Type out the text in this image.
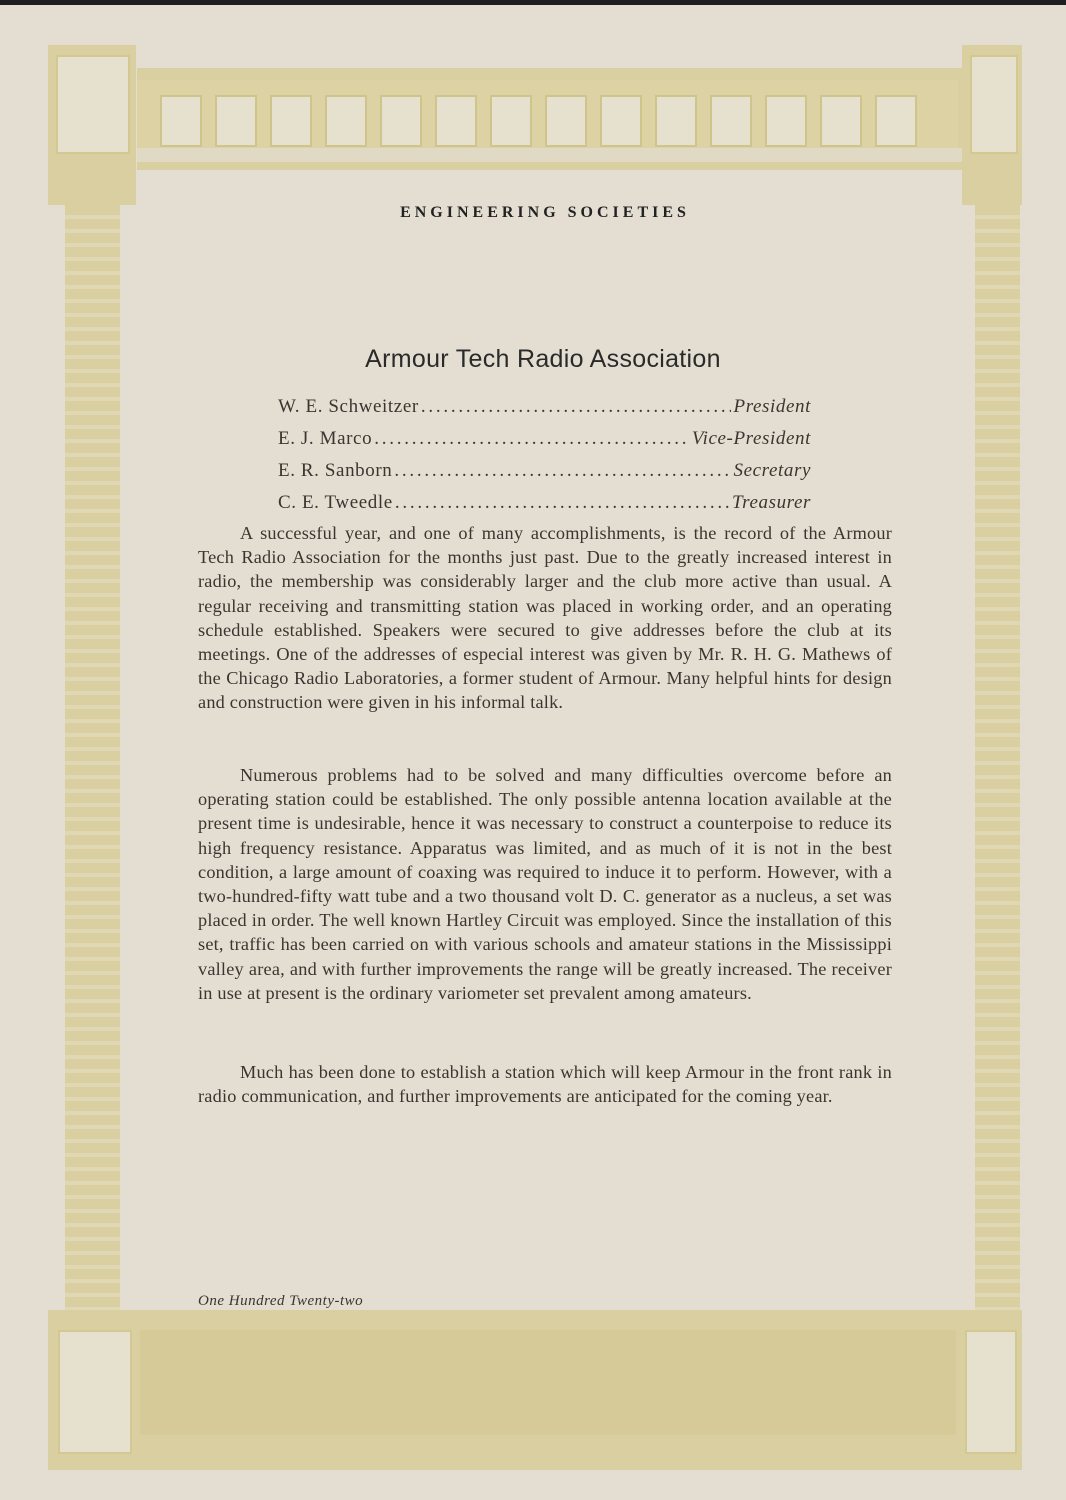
ENGINEERING SOCIETIES
Armour Tech Radio Association
W. E. Schweitzer . . .	President
E. J. Marco . . .	Vice-President
E. R. Sanborn . . .	Secretary
C. E. Tweedle . . .	Treasurer

A successful year, and one of many accomplishments, is the record of the Armour Tech Radio Association for the months just past. Due to the greatly increased interest in radio, the membership was considerably larger and the club more active than usual. A regular receiving and transmitting station was placed in working order, and an operating schedule established. Speakers were secured to give addresses before the club at its meetings. One of the addresses of especial interest was given by Mr. R. H. G. Mathews of the Chicago Radio Laboratories, a former student of Armour. Many helpful hints for design and construction were given in his informal talk.

Numerous problems had to be solved and many difficulties overcome before an operating station could be established. The only possible antenna location available at the present time is undesirable, hence it was necessary to construct a counterpoise to reduce its high frequency resistance. Apparatus was limited, and as much of it is not in the best condition, a large amount of coaxing was required to induce it to perform. However, with a two-hundred-fifty watt tube and a two thousand volt D. C. generator as a nucleus, a set was placed in order. The well known Hartley Circuit was employed. Since the installation of this set, traffic has been carried on with various schools and amateur stations in the Mississippi valley area, and with further improvements the range will be greatly increased. The receiver in use at present is the ordinary variometer set prevalent among amateurs.

Much has been done to establish a station which will keep Armour in the front rank in radio communication, and further improvements are anticipated for the coming year.

One Hundred Twenty-two
